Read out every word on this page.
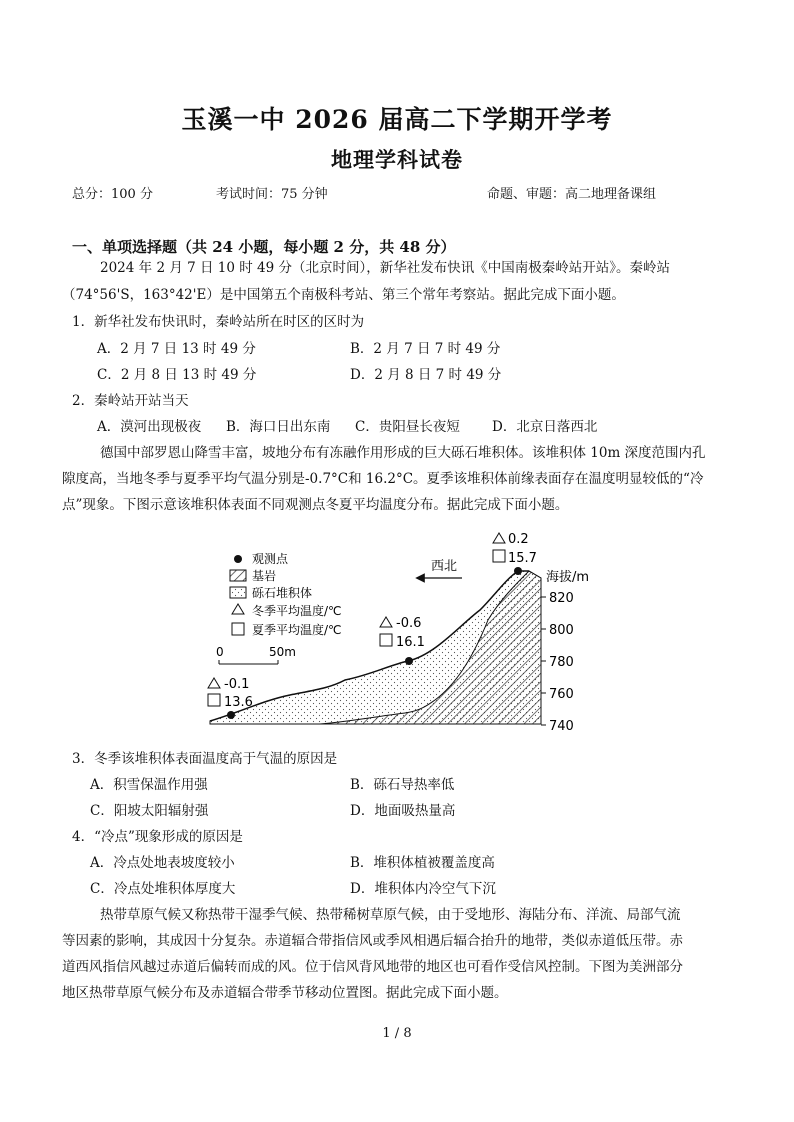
玉溪一中 2026 届高二下学期开学考
地理学科试卷
总分：100 分	考试时间：75 分钟	命题、审题：高二地理备课组
一、单项选择题（共 24 小题，每小题 2 分，共 48 分）
2024 年 2 月 7 日 10 时 49 分（北京时间），新华社发布快讯《中国南极秦岭站开站》。秦岭站
（74°56'S，163°42'E）是中国第五个南极科考站、第三个常年考察站。据此完成下面小题。
1．新华社发布快讯时，秦岭站所在时区的区时为
A．2 月 7 日 13 时 49 分	B．2 月 7 日 7 时 49 分
C．2 月 8 日 13 时 49 分	D．2 月 8 日 7 时 49 分
2．秦岭站开站当天
A．漠河出现极夜 B．海口日出东南 C．贵阳昼长夜短 D．北京日落西北
德国中部罗恩山降雪丰富，坡地分布有冻融作用形成的巨大砾石堆积体。该堆积体 10m 深度范围内孔
隙度高，当地冬季与夏季平均气温分别是-0.7°C和 16.2°C。夏季该堆积体前缘表面存在温度明显较低的“冷
点”现象。下图示意该堆积体表面不同观测点冬夏平均温度分布。据此完成下面小题。
820
800
780
760
740
海拔/m
-0.1
13.6
-0.6
16.1
0.2
15.7
西北
观测点
基岩
砾石堆积体
冬季平均温度/℃
夏季平均温度/℃
0	50m
3．冬季该堆积体表面温度高于气温的原因是
A．积雪保温作用强	B．砾石导热率低
C．阳坡太阳辐射强	D．地面吸热量高
4．“冷点”现象形成的原因是
A．冷点处地表坡度较小	B．堆积体植被覆盖度高
C．冷点处堆积体厚度大	D．堆积体内冷空气下沉
热带草原气候又称热带干湿季气候、热带稀树草原气候，由于受地形、海陆分布、洋流、局部气流
等因素的影响，其成因十分复杂。赤道辐合带指信风或季风相遇后辐合抬升的地带，类似赤道低压带。赤
道西风指信风越过赤道后偏转而成的风。位于信风背风地带的地区也可看作受信风控制。下图为美洲部分
地区热带草原气候分布及赤道辐合带季节移动位置图。据此完成下面小题。
1 / 8
